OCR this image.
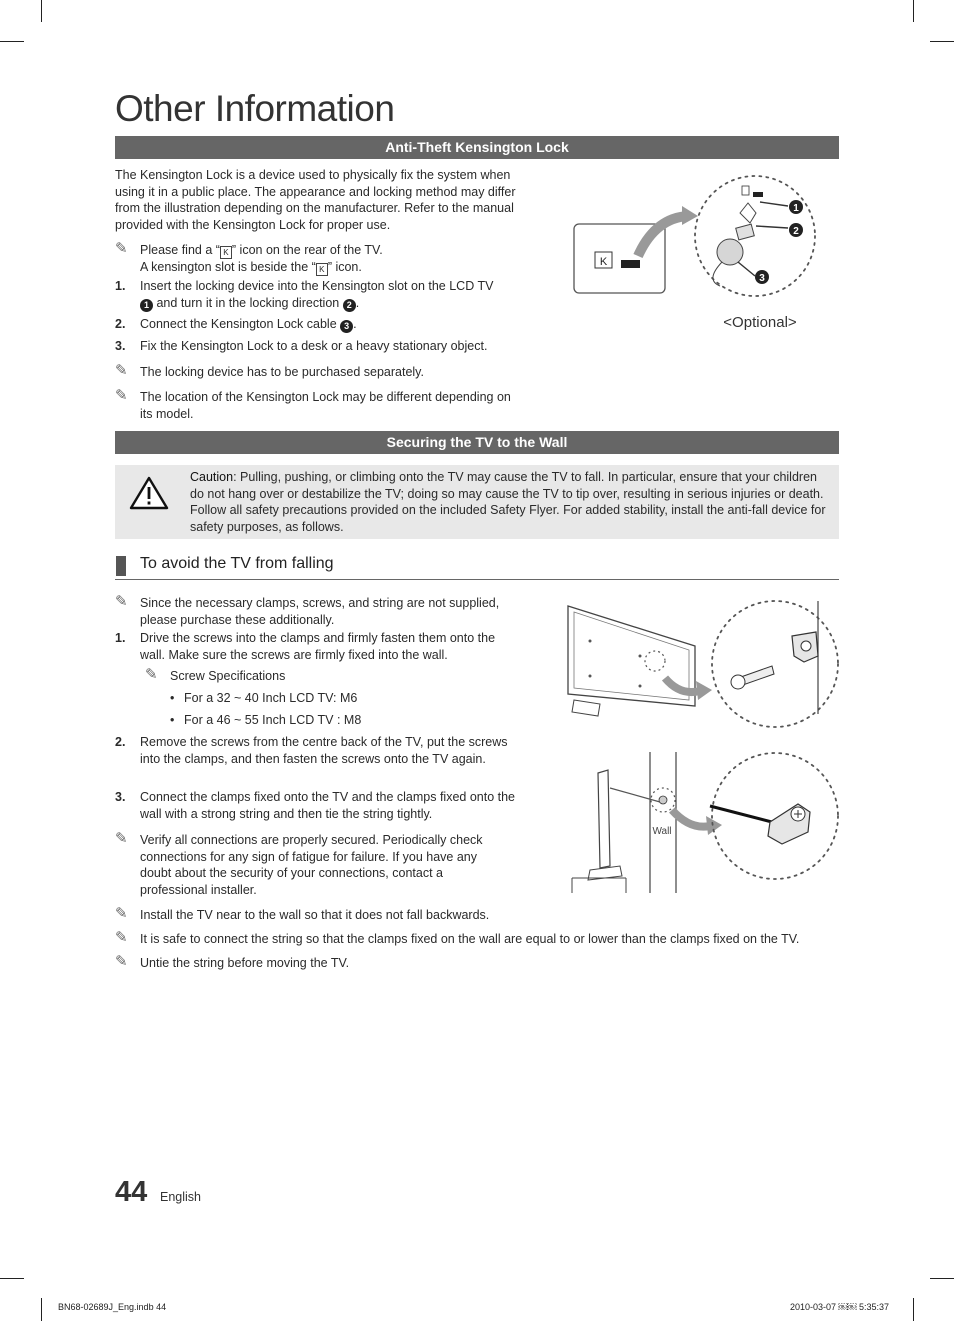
Other Information
Anti-Theft Kensington Lock
The Kensington Lock is a device used to physically fix the system when using it in a public place. The appearance and locking method may differ from the illustration depending on the manufacturer. Refer to the manual provided with the Kensington Lock for proper use.
✎ Please find a “ K ” icon on the rear of the TV.
A kensington slot is beside the “ K ” icon.
1.	Insert the locking device into the Kensington slot on the LCD TV
1 and turn it in the locking direction 2 .
2.	Connect the Kensington Lock cable 3 .
3.	Fix the Kensington Lock to a desk or a heavy stationary object.
✎ The locking device has to be purchased separately.
✎ The location of the Kensington Lock may be different depending on its model.
K
1
2
3
<Optional>
Securing the TV to the Wall
Caution: Pulling, pushing, or climbing onto the TV may cause the TV to fall. In particular, ensure that your children do not hang over or destabilize the TV; doing so may cause the TV to tip over, resulting in serious injuries or death. Follow all safety precautions provided on the included Safety Flyer. For added stability, install the anti-fall device for safety purposes, as follows.
To avoid the TV from falling
✎ Since the necessary clamps, screws, and string are not supplied, please purchase these additionally.
1.	Drive the screws into the clamps and firmly fasten them onto the wall. Make sure the screws are firmly fixed into the wall.
✎ Screw Specifications
• For a 32 ~ 40 Inch LCD TV: M6
• For a 46 ~ 55 Inch LCD TV : M8
2.	Remove the screws from the centre back of the TV, put the screws into the clamps, and then fasten the screws onto the TV again.
3.	Connect the clamps fixed onto the TV and the clamps fixed onto the wall with a strong string and then tie the string tightly.
✎ Verify all connections are properly secured. Periodically check connections for any sign of fatigue for failure. If you have any doubt about the security of your connections, contact a professional installer.
✎ Install the TV near to the wall so that it does not fall backwards.
✎ It is safe to connect the string so that the clamps fixed on the wall are equal to or lower than the clamps fixed on the TV.
✎ Untie the string before moving the TV.
Wall
44 English
BN68-02689J_Eng.indb 44	2010-03-07 ￼￼ 5:35:37
